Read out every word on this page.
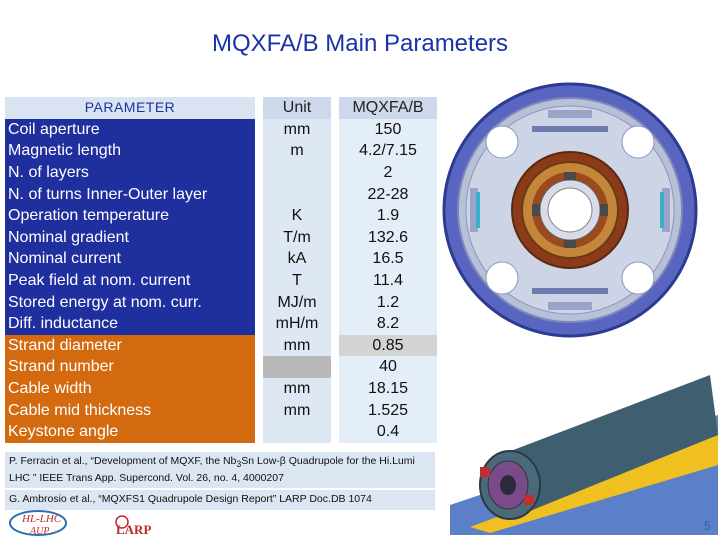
MQXFA/B Main Parameters
PARAMETER		Unit		MQXFA/B
Coil aperture		mm		150
Magnetic length		m		4.2/7.15
N. of layers				2
N. of turns Inner-Outer layer				22-28
Operation temperature		K		1.9
Nominal gradient		T/m		132.6
Nominal current		kA		16.5
Peak field at nom. current		T		11.4
Stored energy at nom. curr.		MJ/m		1.2
Diff. inductance		mH/m		8.2
Strand diameter		mm		0.85
Strand number				40
Cable width		mm		18.15
Cable mid thickness		mm		1.525
Keystone angle				0.4
P. Ferracin et al., “Development of MQXF, the $Nb_3Sn$ Low-β Quadrupole for the Hi.Lumi LHC ” IEEE Trans App. Supercond. Vol. 26, no. 4, 4000207
G. Ambrosio et al., “MQXFS1 Quadrupole Design Report” LARP Doc.DB 1074
HL-LHC
AUP	LARP	5
